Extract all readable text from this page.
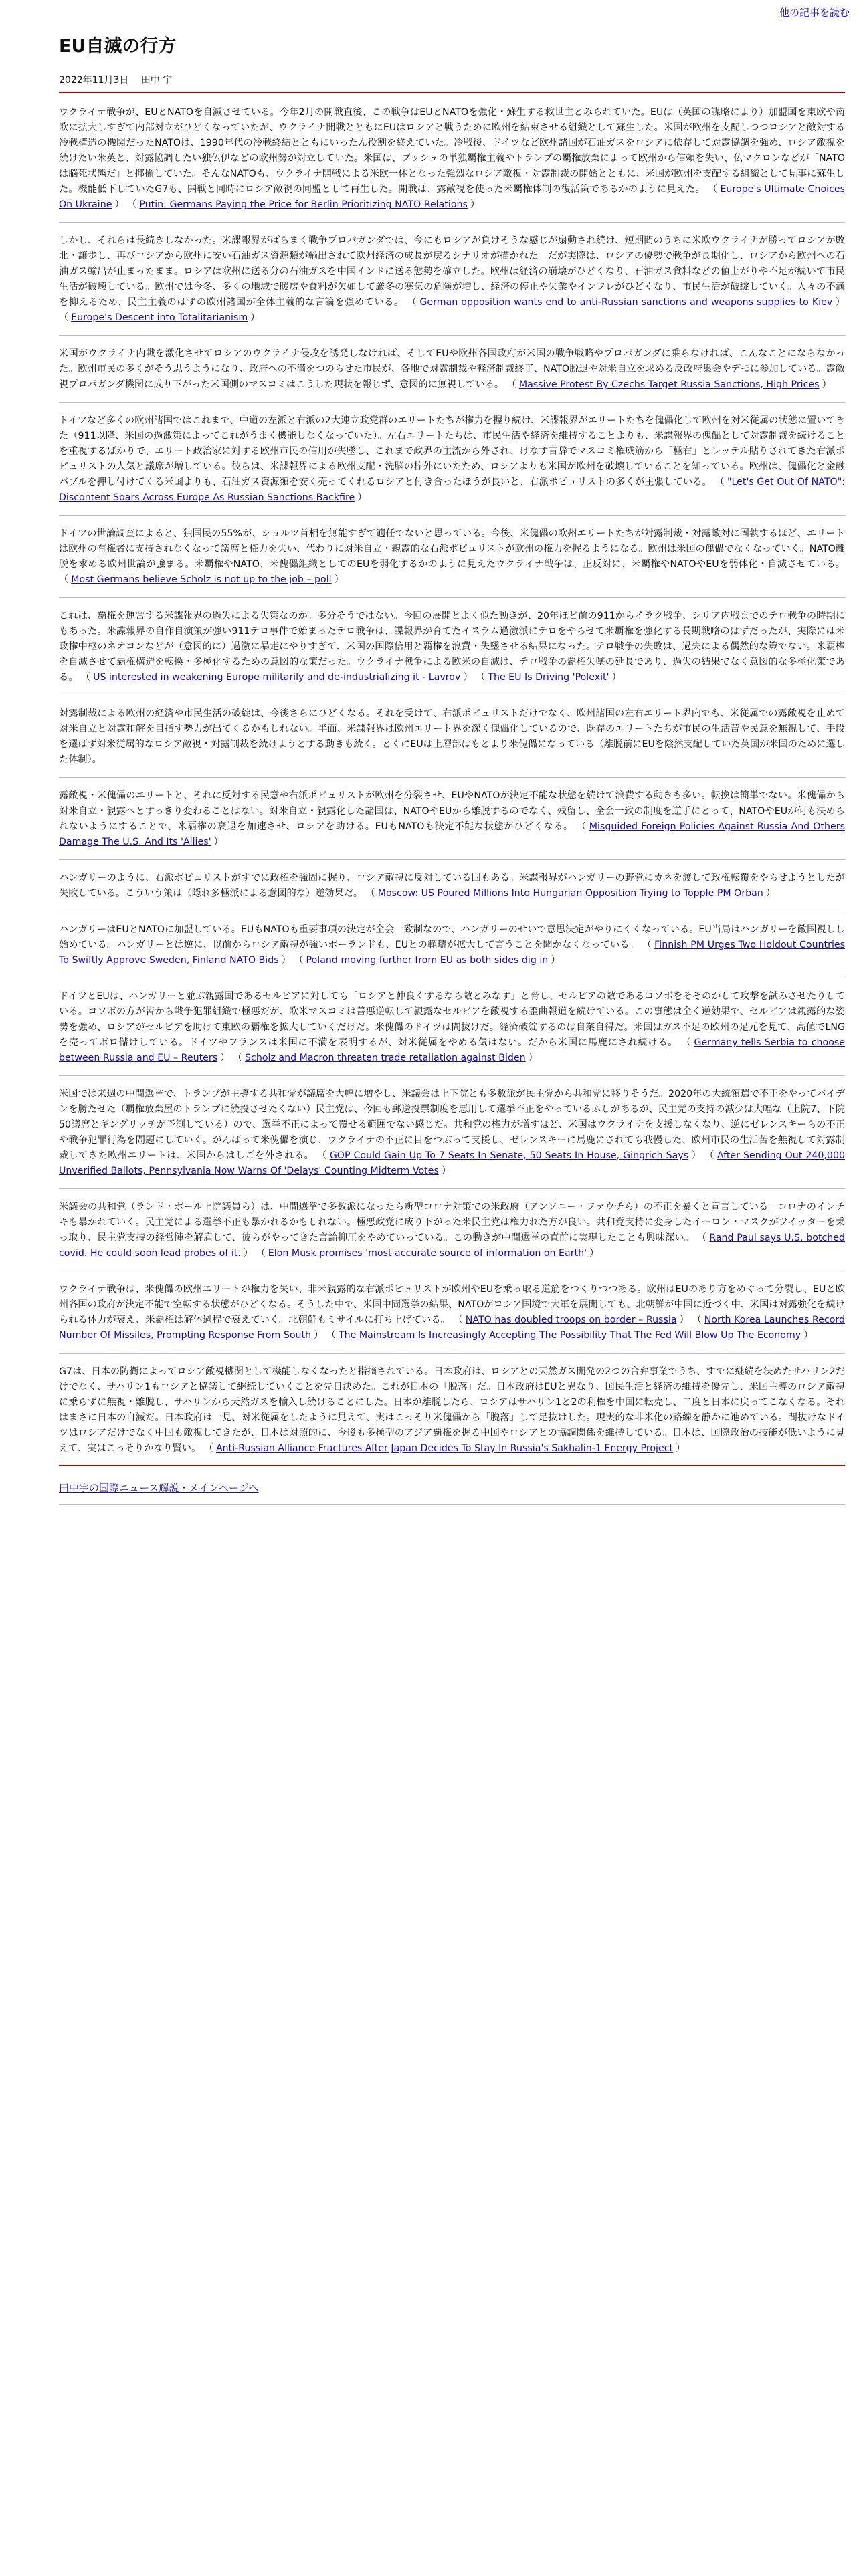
他の記事を読む
EU自滅の行方
2022年11月3日 田中 宇

ウクライナ戦争が、EUとNATOを自滅させている。今年2月の開戦直後、この戦争はEUとNATOを強化・蘇生する救世主とみられていた。EUは（英国の謀略により）加盟国を東欧や南欧に拡大しすぎて内部対立がひどくなっていたが、ウクライナ開戦とともにEUはロシアと戦うために欧州を結束させる組織として蘇生した。米国が欧州を支配しつつロシアと敵対する冷戦構造の機関だったNATOは、1990年代の冷戦終結とともにいったん役割を終えていた。冷戦後、ドイツなど欧州諸国が石油ガスをロシアに依存して対露協調を強め、ロシア敵視を続けたい米英と、対露協調したい独仏伊などの欧州勢が対立していた。米国は、ブッシュの単独覇権主義やトランプの覇権放棄によって欧州から信頼を失い、仏マクロンなどが「NATOは脳死状態だ」と揶揄していた。そんなNATOも、ウクライナ開戦による米欧一体となった強烈なロシア敵視・対露制裁の開始とともに、米国が欧州を支配する組織として見事に蘇生した。機能低下していたG7も、開戦と同時にロシア敵視の同盟として再生した。開戦は、露敵視を使った米覇権体制の復活策であるかのように見えた。 （ Europe's Ultimate Choices On Ukraine ） （ Putin: Germans Paying the Price for Berlin Prioritizing NATO Relations ）

しかし、それらは長続きしなかった。米諜報界がばらまく戦争プロパガンダでは、今にもロシアが負けそうな感じが扇動され続け、短期間のうちに米欧ウクライナが勝ってロシアが敗北・譲歩し、再びロシアから欧州に安い石油ガス資源類が輸出されて欧州経済の成長が戻るシナリオが描かれた。だが実際は、ロシアの優勢で戦争が長期化し、ロシアから欧州への石油ガス輸出が止まったまま。ロシアは欧州に送る分の石油ガスを中国インドに送る態勢を確立した。欧州は経済の崩壊がひどくなり、石油ガス食料などの値上がりや不足が続いて市民生活が破壊している。欧州では今冬、多くの地域で暖房や食料が欠如して厳冬の寒気の危険が増し、経済の停止や失業やインフレがひどくなり、市民生活が破綻していく。人々の不満を抑えるため、民主主義のはずの欧州諸国が全体主義的な言論を強めている。 （ German opposition wants end to anti-Russian sanctions and weapons supplies to Kiev ） （ Europe's Descent into Totalitarianism ）

米国がウクライナ内戦を激化させてロシアのウクライナ侵攻を誘発しなければ、そしてEUや欧州各国政府が米国の戦争戦略やプロパガンダに乗らなければ、こんなことにならなかった。欧州市民の多くがそう思うようになり、政府への不満をつのらせた市民が、各地で対露制裁や軽済制裁終了、NATO脱退や対米自立を求める反政府集会やデモに参加している。露敵視プロパガンダ機関に成り下がった米国側のマスコミはこうした現状を報じず、意図的に無視している。 （ Massive Protest By Czechs Target Russia Sanctions, High Prices ）

ドイツなど多くの欧州諸国ではこれまで、中道の左派と右派の2大連立政党群のエリートたちが権力を握り続け、米諜報界がエリートたちを傀儡化して欧州を対米従属の状態に置いてきた（911以降、米国の過激策によってこれがうまく機能しなくなっていた）。左右エリートたちは、市民生活や経済を維持することよりも、米諜報界の傀儡として対露制裁を続けることを重視するばかりで、エリート政治家に対する欧州市民の信用が失墜し、これまで政界の主流から外され、けなす言辞でマスコミ権威筋から「極右」とレッテル貼りされてきた右派ポピュリストの人気と議席が増している。彼らは、米諜報界による欧州支配・洗脳の枠外にいたため、ロシアよりも米国が欧州を破壊していることを知っている。欧州は、傀儡化と金融バブルを押し付けてくる米国よりも、石油ガス資源類を安く売ってくれるロシアと付き合ったほうが良いと、右派ポピュリストの多くが主張している。 （ "Let's Get Out Of NATO": Discontent Soars Across Europe As Russian Sanctions Backfire ）

ドイツの世論調査によると、独国民の55%が、ショルツ首相を無能すぎて適任でないと思っている。今後、米傀儡の欧州エリートたちが対露制裁・対露敵対に固執するほど、エリートは欧州の有権者に支持されなくなって議席と権力を失い、代わりに対米自立・親露的な右派ポピュリストが欧州の権力を握るようになる。欧州は米国の傀儡でなくなっていく。NATO離脱を求める欧州世論が強まる。米覇権やNATO、米傀儡組織としてのEUを弱化するかのように見えたウクライナ戦争は、正反対に、米覇権やNATOやEUを弱体化・自滅させている。 （ Most Germans believe Scholz is not up to the job – poll ）

これは、覇権を運営する米諜報界の過失による失策なのか。多分そうではない。今回の展開とよく似た動きが、20年ほど前の911からイラク戦争、シリア内戦までのテロ戦争の時期にもあった。米諜報界の自作自演策が強い911テロ事件で始まったテロ戦争は、諜報界が育てたイスラム過激派にテロをやらせて米覇権を強化する長期戦略のはずだったが、実際には米政権中枢のネオコンなどが（意図的に）過激に暴走にやりすぎて、米国の国際信用と覇権を浪費・失墜させる結果になった。テロ戦争の失敗は、過失による偶然的な策でない。米覇権を自滅させて覇権構造を転換・多極化するための意図的な策だった。ウクライナ戦争による欧米の自滅は、テロ戦争の覇権失墜の延長であり、過失の結果でなく意図的な多極化策である。 （ US interested in weakening Europe militarily and de-industrializing it - Lavrov ） （ The EU Is Driving 'Polexit' ）

対露制裁による欧州の経済や市民生活の破綻は、今後さらにひどくなる。それを受けて、右派ポピュリストだけでなく、欧州諸国の左右エリート界内でも、米従属での露敵視を止めて対米自立と対露和解を目指す勢力が出てくるかもしれない。半面、米諜報界は欧州エリート界を深く傀儡化しているので、既存のエリートたちが市民の生活苦や民意を無視して、手段を選ばず対米従属的なロシア敵視・対露制裁を続けようとする動きも続く。とくにEUは上層部はもとより米傀儡になっている（離脱前にEUを陰然支配していた英国が米国のために選した体制）。

露敵視・米傀儡のエリートと、それに反対する民意や右派ポピュリストが欧州を分裂させ、EUやNATOが決定不能な状態を続けて浪費する動きも多い。転換は簡単でない。米傀儡から対米自立・親露へとすっきり変わることはない。対米自立・親露化した諸国は、NATOやEUから離脱するのでなく、残留し、全会一致の制度を逆手にとって、NATOやEUが何も決められないようにすることで、米覇権の衰退を加速させ、ロシアを助ける。EUもNATOも決定不能な状態がひどくなる。 （ Misguided Foreign Policies Against Russia And Others Damage The U.S. And Its 'Allies' ）

ハンガリーのように、右派ポピュリストがすでに政権を強固に握り、ロシア敵視に反対している国もある。米諜報界がハンガリーの野党にカネを渡して政権転覆をやらせようとしたが失敗している。こういう策は（隠れ多極派による意図的な）逆効果だ。 （ Moscow: US Poured Millions Into Hungarian Opposition Trying to Topple PM Orban ）

ハンガリーはEUとNATOに加盟している。EUもNATOも重要事項の決定が全会一致制なので、ハンガリーのせいで意思決定がやりにくくなっている。EU当局はハンガリーを敵国視しし始めている。ハンガリーとは逆に、以前からロシア敵視が強いポーランドも、EUとの範疇が拡大して言うことを聞かなくなっている。 （ Finnish PM Urges Two Holdout Countries To Swiftly Approve Sweden, Finland NATO Bids ） （ Poland moving further from EU as both sides dig in ）

ドイツとEUは、ハンガリーと並ぶ親露国であるセルビアに対しても「ロシアと仲良くするなら敵とみなす」と脅し、セルビアの敵であるコソボをそそのかして攻撃を試みさせたりしている。コソボの方が皆から戦争犯罪組織で極悪だが、欧米マスコミは善悪逆転して親露なセルビアを敵視する歪曲報道を続けている。この事態は全く逆効果で、セルビアは親露的な姿勢を強め、ロシアがセルビアを助けて東欧の覇権を拡大していくだけだ。米傀儡のドイツは間抜けだ。経済破綻するのは自業自得だ。米国はガス不足の欧州の足元を見て、高値でLNGを売ってボロ儲けしている。ドイツやフランスは米国に不満を表明するが、対米従属をやめる気はない。だから米国に馬鹿にされ続ける。 （ Germany tells Serbia to choose between Russia and EU – Reuters ） （ Scholz and Macron threaten trade retaliation against Biden ）

米国では来週の中間選挙で、トランプが主導する共和党が議席を大幅に増やし、米議会は上下院とも多数派が民主党から共和党に移りそうだ。2020年の大統領選で不正をやってバイデンを勝たせた（覇権放棄屋のトランプに続投させたくない）民主党は、今回も郵送投票制度を悪用して選挙不正をやっているふしがあるが、民主党の支持の減少は大幅な（上院7、下院50議席とギングリッチが予測している）ので、選挙不正によって覆せる範囲でない感じだ。共和党の権力が増すほど、米国はウクライナを支援しなくなり、逆にゼレンスキーらの不正や戦争犯罪行為を問題にしていく。がんばって米傀儡を演じ、ウクライナの不正に目をつぶって支援し、ゼレンスキーに馬鹿にされても我慢した、欧州市民の生活苦を無視して対露制裁してきた欧州エリートは、米国からはしごを外される。 （ GOP Could Gain Up To 7 Seats In Senate, 50 Seats In House, Gingrich Says ） （ After Sending Out 240,000 Unverified Ballots, Pennsylvania Now Warns Of 'Delays' Counting Midterm Votes ）

米議会の共和党（ランド・ポール上院議員ら）は、中間選挙で多数派になったら新型コロナ対策での米政府（アンソニー・ファウチら）の不正を暴くと宣言している。コロナのインチキも暴かれていく。民主党による選挙不正も暴かれるかもしれない。極悪政党に成り下がった米民主党は権力れた方が良い。共和党支持に変身したイーロン・マスクがツイッターを乗っ取り、民主党支持の経営陣を解雇して、彼らがやってきた言論抑圧をやめていっている。この動きが中間選挙の直前に実現したことも興味深い。 （ Rand Paul says U.S. botched covid. He could soon lead probes of it. ） （ Elon Musk promises 'most accurate source of information on Earth' ）

ウクライナ戦争は、米傀儡の欧州エリートが権力を失い、非米親露的な右派ポピュリストが欧州やEUを乗っ取る道筋をつくりつつある。欧州はEUのあり方をめぐって分裂し、EUと欧州各国の政府が決定不能で空転する状態がひどくなる。そうした中で、米国中間選挙の結果、NATOがロシア国境で大軍を展開しても、北朝鮮が中国に近づく中、米国は対露強化を続けられる体力が衰え、米覇権は解体過程で衰えていく。北朝鮮もミサイルに打ち上げている。 （ NATO has doubled troops on border – Russia ） （ North Korea Launches Record Number Of Missiles, Prompting Response From South ） （ The Mainstream Is Increasingly Accepting The Possibility That The Fed Will Blow Up The Economy ）

G7は、日本の防衛によってロシア敵視機関として機能しなくなったと指摘されている。日本政府は、ロシアとの天然ガス開発の2つの合弁事業でうち、すでに継続を決めたサハリン2だけでなく、サハリン1もロシアと協議して継続していくことを先日決めた。これが日本の「脱落」だ。日本政府はEUと異なり、国民生活と経済の維持を優先し、米国主導のロシア敵視に乗らずに無視・離脱し、サハリンから天然ガスを輸入し続けることにした。日本が離脱したら、ロシアはサハリン1と2の利権を中国に転売し、二度と日本に戻ってこなくなる。それはまさに日本の自滅だ。日本政府は一見、対米従属をしたように見えて、実はこっそり米傀儡から「脱落」して足抜けした。現実的な非米化の路線を静かに進めている。間抜けなドイツはロシアだけでなく中国も敵視してきたが、日本は対照的に、今後も多極型のアジア覇権を握る中国やロシアとの協調関係を維持している。日本は、国際政治の技能が低いように見えて、実はこっそりかなり賢い。 （ Anti-Russian Alliance Fractures After Japan Decides To Stay In Russia's Sakhalin-1 Energy Project ）

田中宇の国際ニュース解説・メインページへ
